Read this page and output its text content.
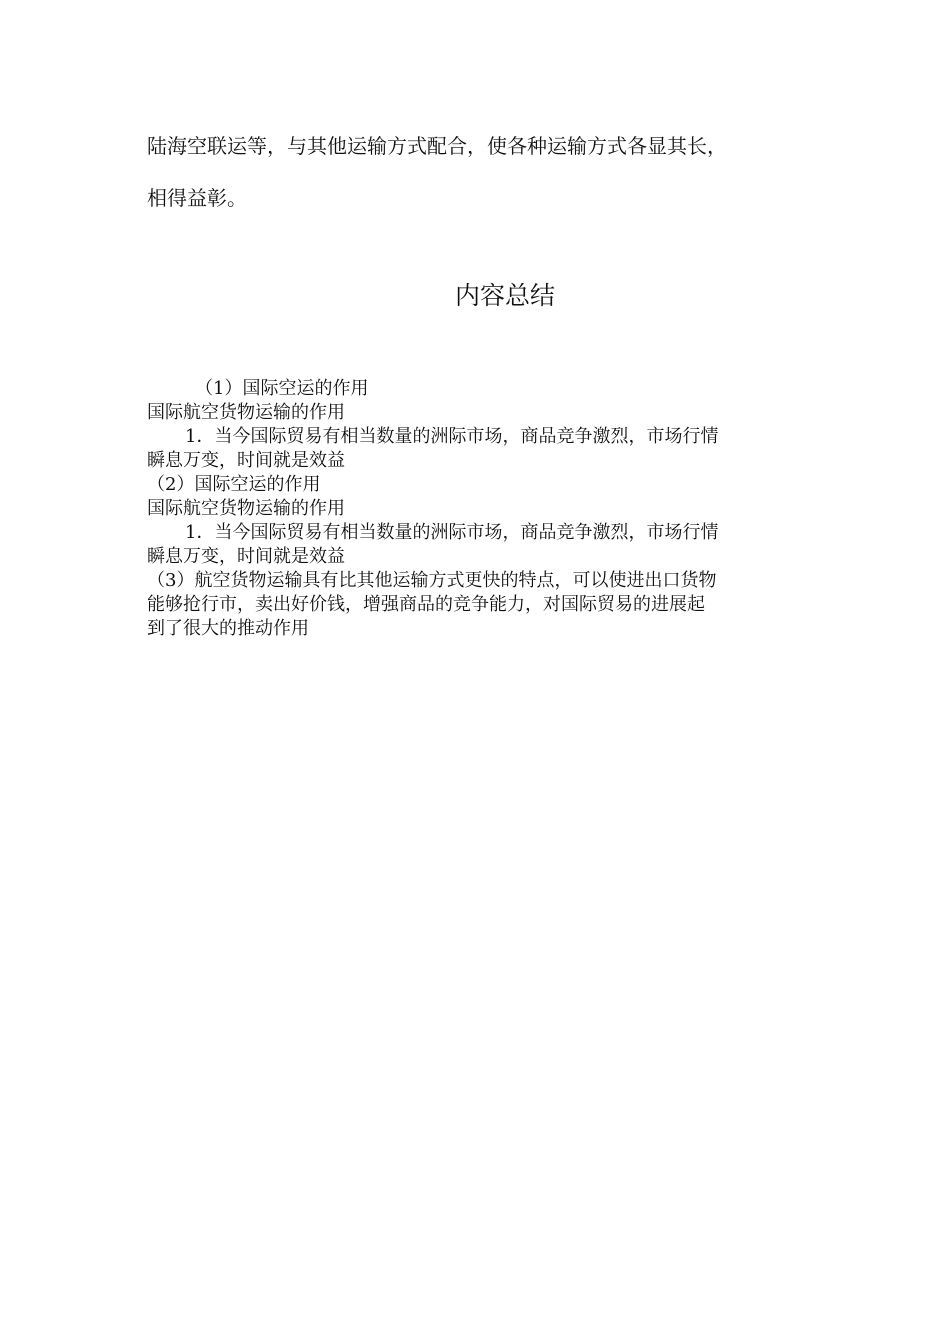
陆海空联运等，与其他运输方式配合，使各种运输方式各显其长，

相得益彰。

内容总结

（1）国际空运的作用

国际航空货物运输的作用

1．当今国际贸易有相当数量的洲际市场，商品竞争激烈，市场行情

瞬息万变，时间就是效益

（2）国际空运的作用

国际航空货物运输的作用

1．当今国际贸易有相当数量的洲际市场，商品竞争激烈，市场行情

瞬息万变，时间就是效益

（3）航空货物运输具有比其他运输方式更快的特点，可以使进出口货物

能够抢行市，卖出好价钱，增强商品的竞争能力，对国际贸易的进展起

到了很大的推动作用
